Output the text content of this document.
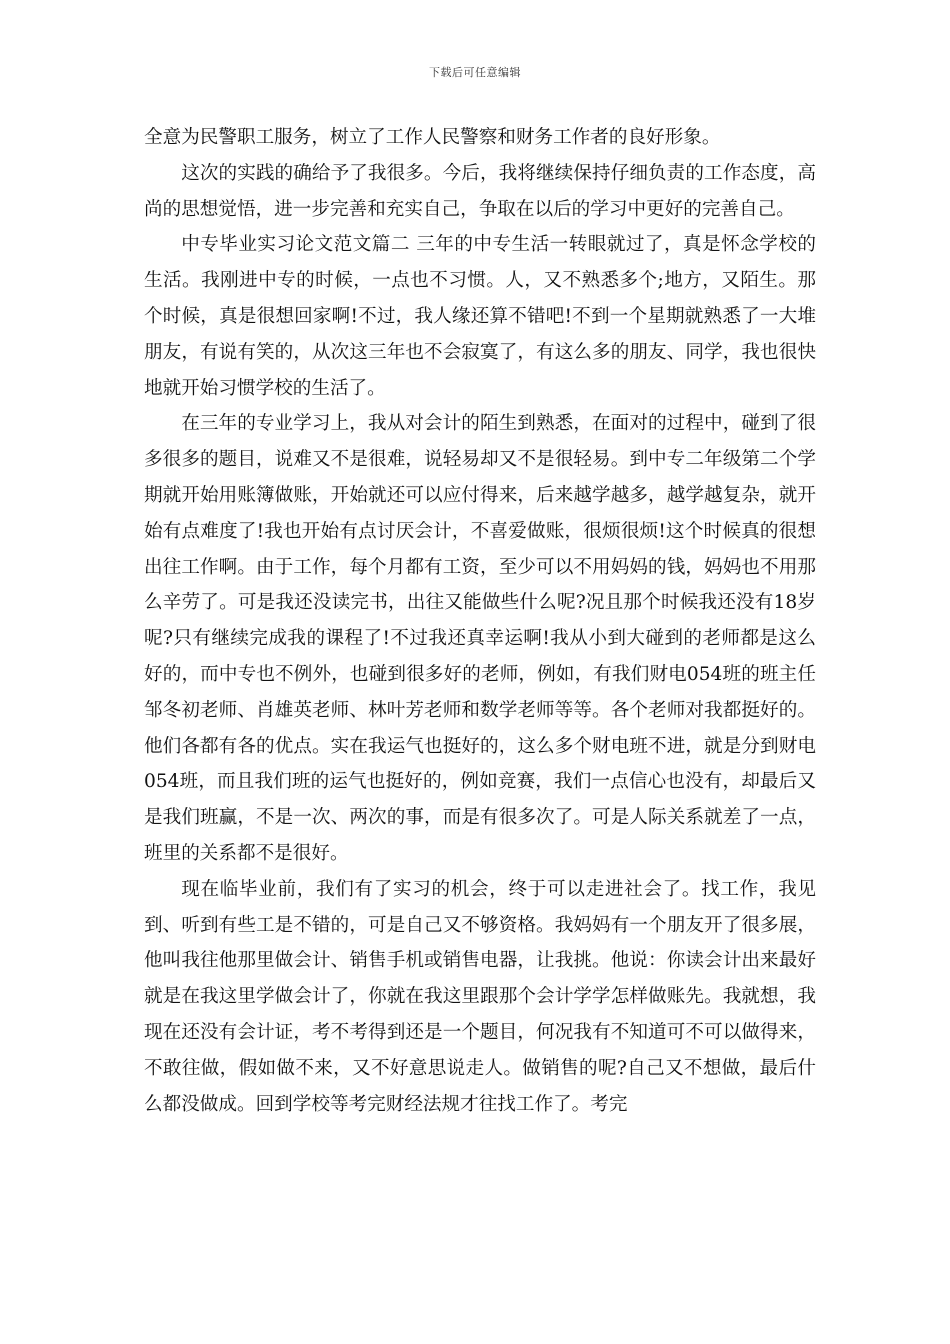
下载后可任意编辑

全意为民警职工服务，树立了工作人民警察和财务工作者的良好形象。

这次的实践的确给予了我很多。今后，我将继续保持仔细负责的工作态度，高尚的思想觉悟，进一步完善和充实自己，争取在以后的学习中更好的完善自己。

中专毕业实习论文范文篇二 三年的中专生活一转眼就过了，真是怀念学校的生活。我刚进中专的时候，一点也不习惯。人，又不熟悉多个;地方，又陌生。那个时候，真是很想回家啊!不过，我人缘还算不错吧!不到一个星期就熟悉了一大堆朋友，有说有笑的，从次这三年也不会寂寞了，有这么多的朋友、同学，我也很快地就开始习惯学校的生活了。

在三年的专业学习上，我从对会计的陌生到熟悉，在面对的过程中，碰到了很多很多的题目，说难又不是很难，说轻易却又不是很轻易。到中专二年级第二个学期就开始用账簿做账，开始就还可以应付得来，后来越学越多，越学越复杂，就开始有点难度了!我也开始有点讨厌会计，不喜爱做账，很烦很烦!这个时候真的很想出往工作啊。由于工作，每个月都有工资，至少可以不用妈妈的钱，妈妈也不用那么辛劳了。可是我还没读完书，出往又能做些什么呢?况且那个时候我还没有18岁呢?只有继续完成我的课程了!不过我还真幸运啊!我从小到大碰到的老师都是这么好的，而中专也不例外，也碰到很多好的老师，例如，有我们财电054班的班主任邹冬初老师、肖雄英老师、林叶芳老师和数学老师等等。各个老师对我都挺好的。他们各都有各的优点。实在我运气也挺好的，这么多个财电班不进，就是分到财电054班，而且我们班的运气也挺好的，例如竞赛，我们一点信心也没有，却最后又是我们班赢，不是一次、两次的事，而是有很多次了。可是人际关系就差了一点，班里的关系都不是很好。

现在临毕业前，我们有了实习的机会，终于可以走进社会了。找工作，我见到、听到有些工是不错的，可是自己又不够资格。我妈妈有一个朋友开了很多展，他叫我往他那里做会计、销售手机或销售电器，让我挑。他说：你读会计出来最好就是在我这里学做会计了，你就在我这里跟那个会计学学怎样做账先。我就想，我现在还没有会计证，考不考得到还是一个题目，何况我有不知道可不可以做得来，不敢往做，假如做不来，又不好意思说走人。做销售的呢?自己又不想做，最后什么都没做成。回到学校等考完财经法规才往找工作了。考完
